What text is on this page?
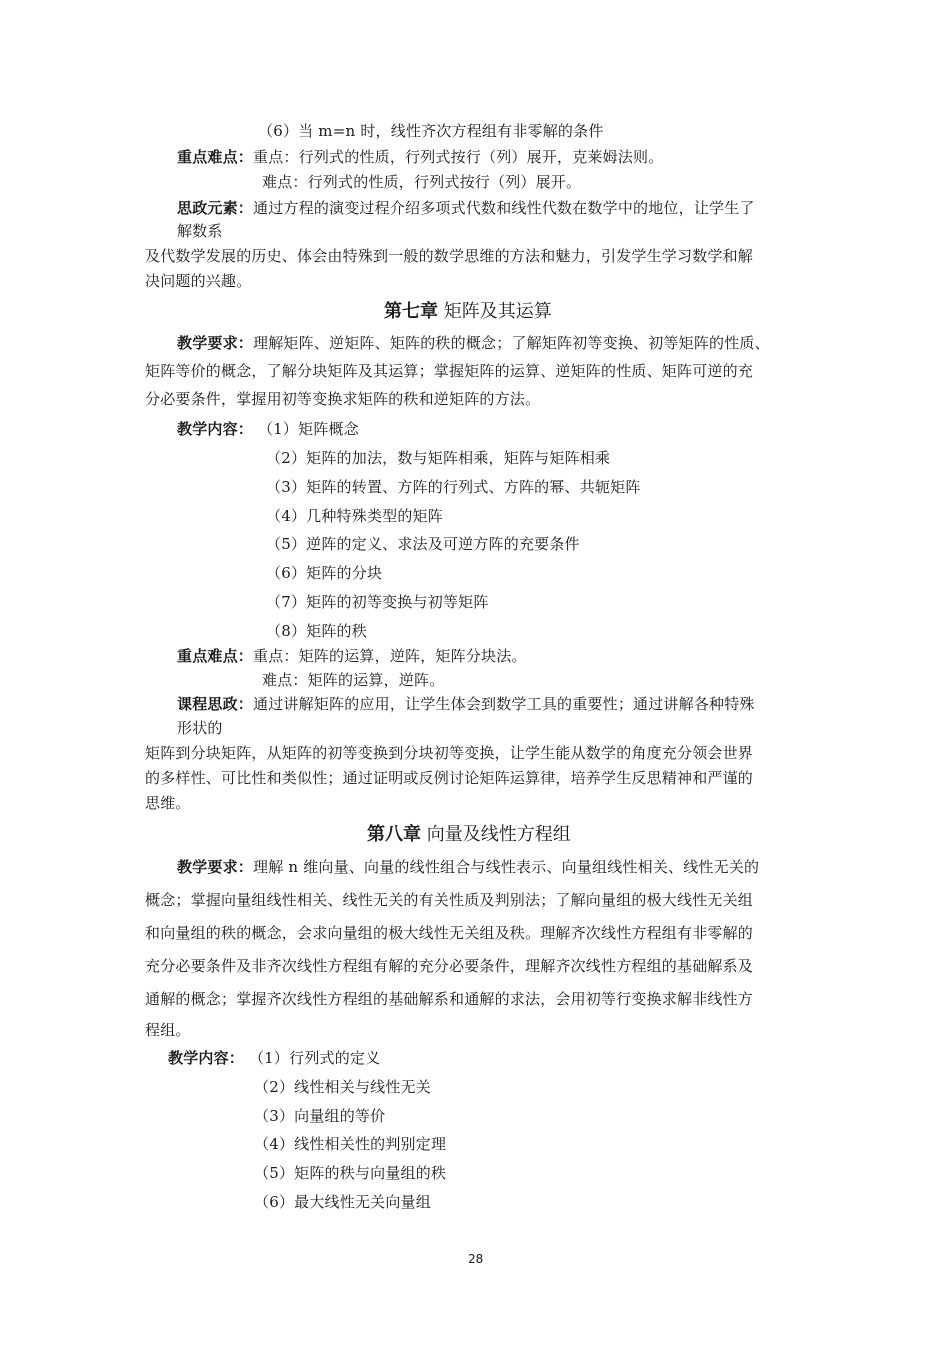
（6）当 m=n 时，线性齐次方程组有非零解的条件
重点难点：重点：行列式的性质，行列式按行（列）展开，克莱姆法则。
难点：行列式的性质，行列式按行（列）展开。
思政元素：通过方程的演变过程介绍多项式代数和线性代数在数学中的地位，让学生了
解数系
及代数学发展的历史、体会由特殊到一般的数学思维的方法和魅力，引发学生学习数学和解
决问题的兴趣。
第七章 矩阵及其运算
教学要求：理解矩阵、逆矩阵、矩阵的秩的概念；了解矩阵初等变换、初等矩阵的性质、
矩阵等价的概念，了解分块矩阵及其运算；掌握矩阵的运算、逆矩阵的性质、矩阵可逆的充
分必要条件，掌握用初等变换求矩阵的秩和逆矩阵的方法。
教学内容： （1）矩阵概念
（2）矩阵的加法，数与矩阵相乘，矩阵与矩阵相乘
（3）矩阵的转置、方阵的行列式、方阵的幂、共轭矩阵
（4）几种特殊类型的矩阵
（5）逆阵的定义、求法及可逆方阵的充要条件
（6）矩阵的分块
（7）矩阵的初等变换与初等矩阵
（8）矩阵的秩
重点难点：重点：矩阵的运算，逆阵，矩阵分块法。
难点：矩阵的运算，逆阵。
课程思政：通过讲解矩阵的应用，让学生体会到数学工具的重要性；通过讲解各种特殊
形状的
矩阵到分块矩阵，从矩阵的初等变换到分块初等变换，让学生能从数学的角度充分领会世界
的多样性、可比性和类似性；通过证明或反例讨论矩阵运算律，培养学生反思精神和严谨的
思维。
第八章 向量及线性方程组
教学要求：理解 n 维向量、向量的线性组合与线性表示、向量组线性相关、线性无关的
概念；掌握向量组线性相关、线性无关的有关性质及判别法；了解向量组的极大线性无关组
和向量组的秩的概念，会求向量组的极大线性无关组及秩。理解齐次线性方程组有非零解的
充分必要条件及非齐次线性方程组有解的充分必要条件，理解齐次线性方程组的基础解系及
通解的概念；掌握齐次线性方程组的基础解系和通解的求法，会用初等行变换求解非线性方
程组。
教学内容： （1）行列式的定义
（2）线性相关与线性无关
（3）向量组的等价
（4）线性相关性的判别定理
（5）矩阵的秩与向量组的秩
（6）最大线性无关向量组
28
